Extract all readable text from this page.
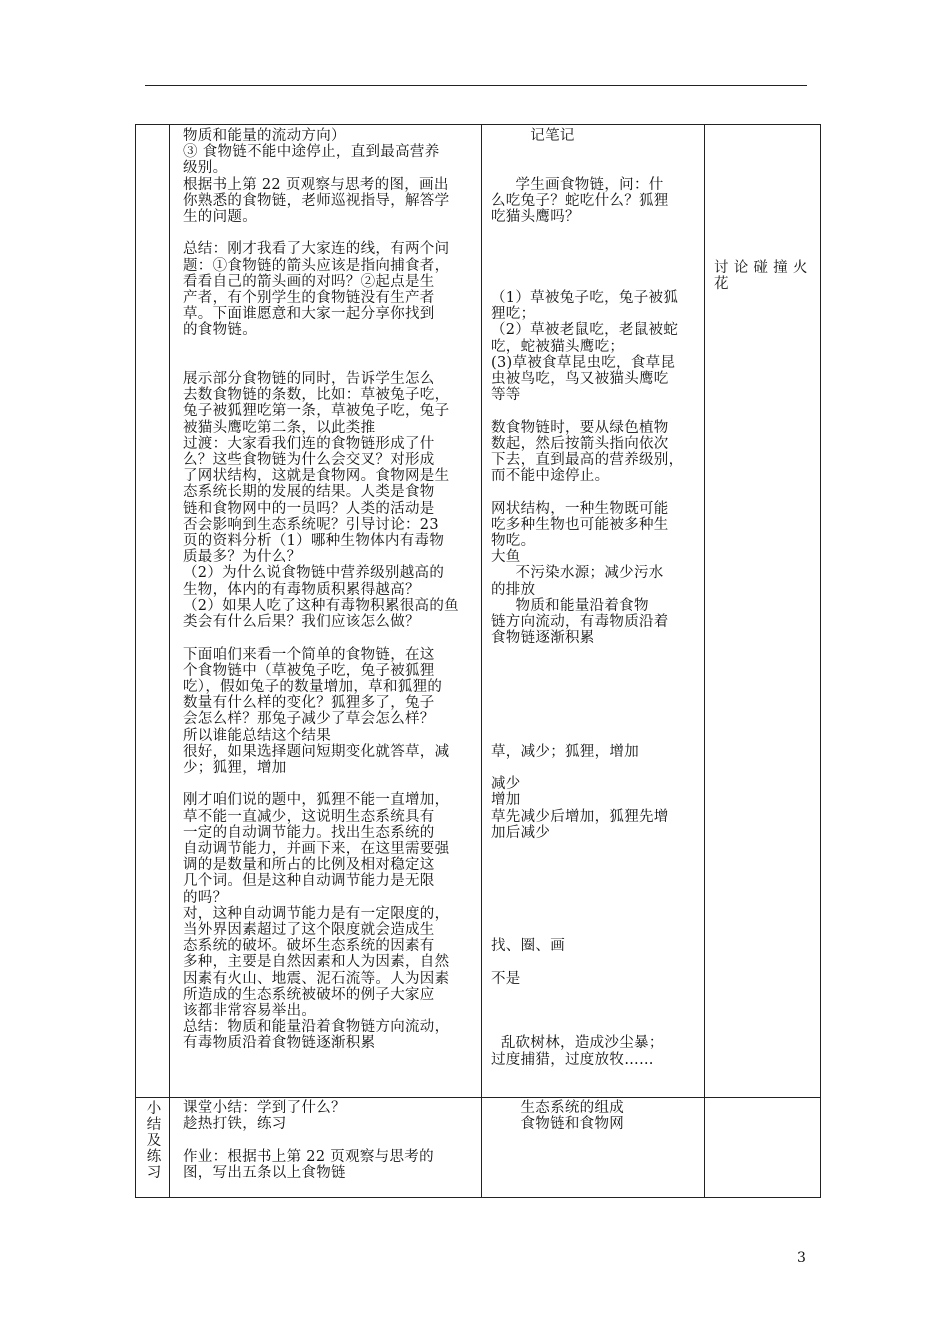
物质和能量的流动方向）
③ 食物链不能中途停止，直到最高营养
级别。
根据书上第 22 页观察与思考的图，画出
你熟悉的食物链，老师巡视指导，解答学
生的问题。

总结：刚才我看了大家连的线，有两个问
题：①食物链的箭头应该是指向捕食者，
看看自己的箭头画的对吗？②起点是生
产者，有个别学生的食物链没有生产者
草。下面谁愿意和大家一起分享你找到
的食物链。

展示部分食物链的同时，告诉学生怎么
去数食物链的条数，比如：草被兔子吃，
兔子被狐狸吃第一条，草被兔子吃，兔子
被猫头鹰吃第二条，以此类推
过渡：大家看我们连的食物链形成了什
么？这些食物链为什么会交叉？对形成
了网状结构，这就是食物网。食物网是生
态系统长期的发展的结果。人类是食物
链和食物网中的一员吗？人类的活动是
否会影响到生态系统呢？引导讨论：23
页的资料分析（1）哪种生物体内有毒物
质最多？为什么？
（2）为什么说食物链中营养级别越高的
生物，体内的有毒物质积累得越高？
（2）如果人吃了这种有毒物积累很高的鱼
类会有什么后果？我们应该怎么做？

下面咱们来看一个简单的食物链，在这
个食物链中（草被兔子吃，兔子被狐狸
吃），假如兔子的数量增加，草和狐狸的
数量有什么样的变化？狐狸多了，兔子
会怎么样？那兔子减少了草会怎么样？
所以谁能总结这个结果
很好，如果选择题问短期变化就答草，减
少；狐狸，增加

刚才咱们说的题中，狐狸不能一直增加，
草不能一直减少，这说明生态系统具有
一定的自动调节能力。找出生态系统的
自动调节能力，并画下来，在这里需要强
调的是数量和所占的比例及相对稳定这
几个词。但是这种自动调节能力是无限
的吗？
对，这种自动调节能力是有一定限度的，
当外界因素超过了这个限度就会造成生
态系统的破坏。破坏生态系统的因素有
多种，主要是自然因素和人为因素，自然
因素有火山、地震、泥石流等。人为因素
所造成的生态系统被破坏的例子大家应
该都非常容易举出。
总结：物质和能量沿着食物链方向流动，
有毒物质沿着食物链逐渐积累
记笔记

学生画食物链，问：什
么吃兔子？蛇吃什么？狐狸
吃猫头鹰吗？

（1）草被兔子吃，兔子被狐
狸吃；
（2）草被老鼠吃，老鼠被蛇
吃，蛇被猫头鹰吃；
(3)草被食草昆虫吃，食草昆
虫被鸟吃，鸟又被猫头鹰吃
等等

数食物链时，要从绿色植物
数起，然后按箭头指向依次
下去，直到最高的营养级别，
而不能中途停止。

网状结构，一种生物既可能
吃多种生物也可能被多种生
物吃。
大鱼
不污染水源；减少污水
的排放
物质和能量沿着食物
链方向流动，有毒物质沿着
食物链逐渐积累

草，减少；狐狸，增加

减少
增加
草先减少后增加，狐狸先增
加后减少

找、圈、画

不是

乱砍树林，造成沙尘暴；
过度捕猎，过度放牧……
讨 论 碰 撞 火
花
小
结
及
练
习
课堂小结：学到了什么？
趁热打铁，练习

作业：根据书上第 22 页观察与思考的
图，写出五条以上食物链
生态系统的组成
食物链和食物网
3
